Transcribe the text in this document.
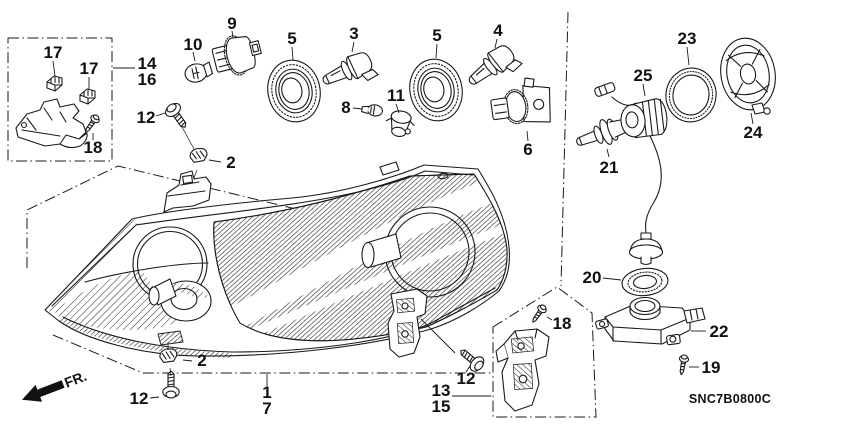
17
17 14
16
18
10
9
12
2
5	3
8
11
5	4
6
23
25
24
21
20
22
19
18
12
13
15
1
7
12
2
FR.
SNC7B0800C
